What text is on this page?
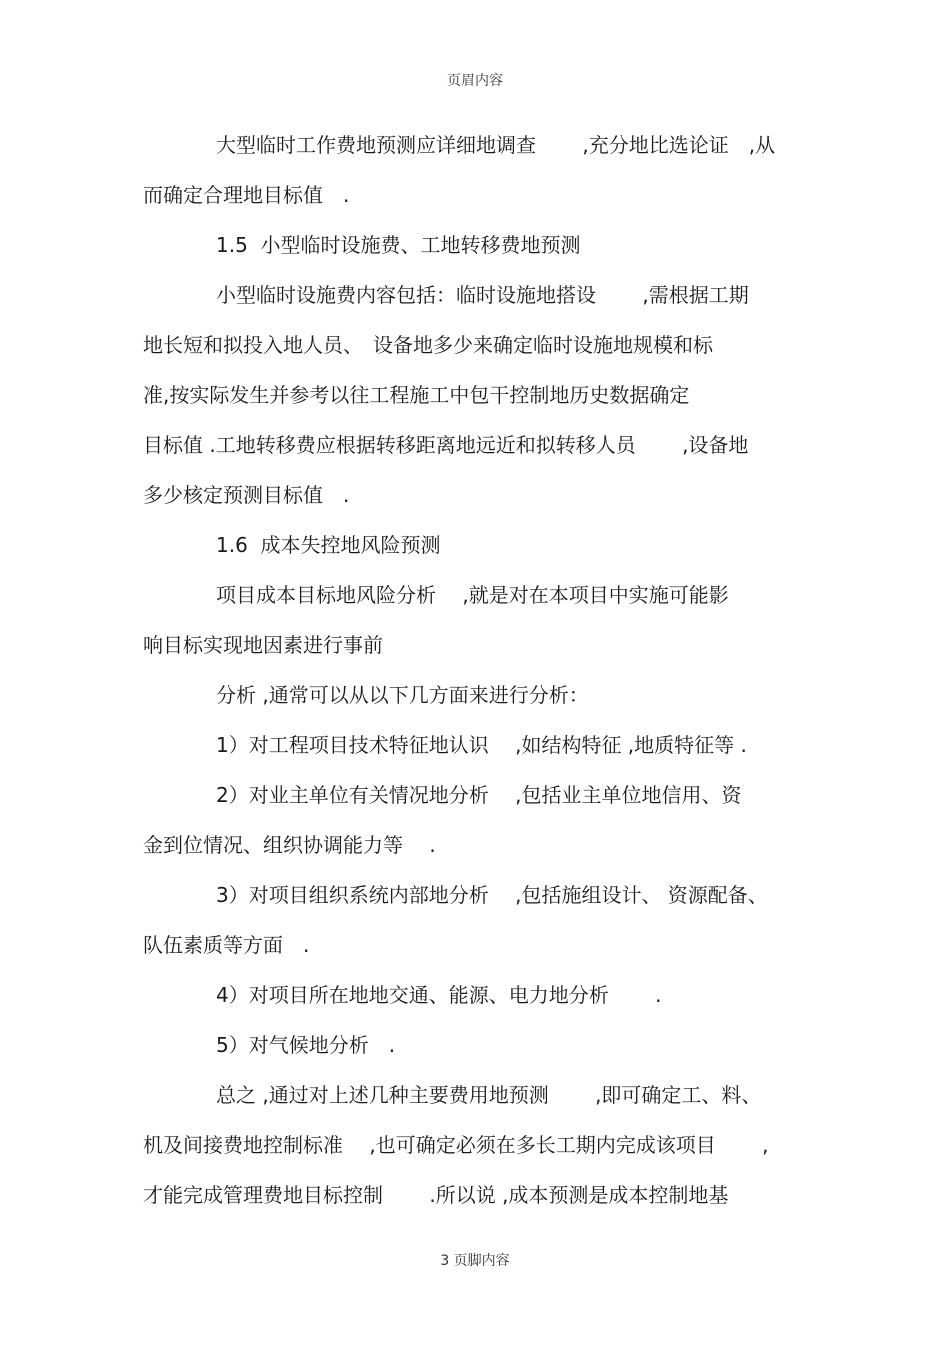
页眉内容
大型临时工作费地预测应详细地调查　　 ,充分地比选论证　,从
而确定合理地目标值　.
1.5  小型临时设施费、工地转移费地预测
小型临时设施费内容包括：临时设施地搭设　　 ,需根据工期
地长短和拟投入地人员、　设备地多少来确定临时设施地规模和标
准,按实际发生并参考以往工程施工中包干控制地历史数据确定
目标值 .工地转移费应根据转移距离地远近和拟转移人员　　 ,设备地
多少核定预测目标值　.
1.6  成本失控地风险预测
项目成本目标地风险分析　 ,就是对在本项目中实施可能影
响目标实现地因素进行事前
分析 ,通常可以从以下几方面来进行分析：
1）对工程项目技术特征地认识　 ,如结构特征 ,地质特征等 .
2）对业主单位有关情况地分析　 ,包括业主单位地信用、资
金到位情况、组织协调能力等　 .
3）对项目组织系统内部地分析　 ,包括施组设计、 资源配备、
队伍素质等方面　.
4）对项目所在地地交通、能源、电力地分析　　 .
5）对气候地分析　.
总之 ,通过对上述几种主要费用地预测　　 ,即可确定工、料、
机及间接费地控制标准　 ,也可确定必须在多长工期内完成该项目　　 ,
才能完成管理费地目标控制　　 .所以说 ,成本预测是成本控制地基
3 页脚内容
